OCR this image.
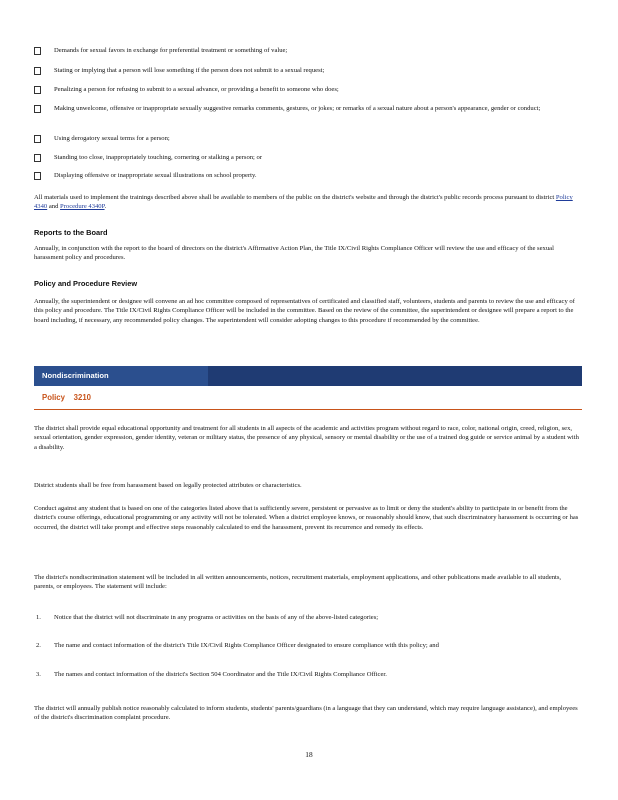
Demands for sexual favors in exchange for preferential treatment or something of value;
Stating or implying that a person will lose something if the person does not submit to a sexual request;
Penalizing a person for refusing to submit to a sexual advance, or providing a benefit to someone who does;
Making unwelcome, offensive or inappropriate sexually suggestive remarks comments, gestures, or jokes; or remarks of a sexual nature about a person's appearance, gender or conduct;
Using derogatory sexual terms for a person;
Standing too close, inappropriately touching, cornering or stalking a person; or
Displaying offensive or inappropriate sexual illustrations on school property.
All materials used to implement the trainings described above shall be available to members of the public on the district's website and through the district's public records process pursuant to district Policy 4340 and Procedure 4340P.
Reports to the Board
Annually, in conjunction with the report to the board of directors on the district's Affirmative Action Plan, the Title IX/Civil Rights Compliance Officer will review the use and efficacy of the sexual harassment policy and procedures.
Policy and Procedure Review
Annually, the superintendent or designee will convene an ad hoc committee composed of representatives of certificated and classified staff, volunteers, students and parents to review the use and efficacy of this policy and procedure. The Title IX/Civil Rights Compliance Officer will be included in the committee. Based on the review of the committee, the superintendent or designee will prepare a report to the board including, if necessary, any recommended policy changes. The superintendent will consider adopting changes to this procedure if recommended by the committee.
Nondiscrimination
Policy 3210
The district shall provide equal educational opportunity and treatment for all students in all aspects of the academic and activities program without regard to race, color, national origin, creed, religion, sex, sexual orientation, gender expression, gender identity, veteran or military status, the presence of any physical, sensory or mental disability or the use of a trained dog guide or service animal by a student with a disability.
District students shall be free from harassment based on legally protected attributes or characteristics.
Conduct against any student that is based on one of the categories listed above that is sufficiently severe, persistent or pervasive as to limit or deny the student's ability to participate in or benefit from the district's course offerings, educational programming or any activity will not be tolerated. When a district employee knows, or reasonably should know, that such discriminatory harassment is occurring or has occurred, the district will take prompt and effective steps reasonably calculated to end the harassment, prevent its recurrence and remedy its effects.
The district's nondiscrimination statement will be included in all written announcements, notices, recruitment materials, employment applications, and other publications made available to all students, parents, or employees. The statement will include:
1. Notice that the district will not discriminate in any programs or activities on the basis of any of the above-listed categories;
2. The name and contact information of the district's Title IX/Civil Rights Compliance Officer designated to ensure compliance with this policy; and
3. The names and contact information of the district's Section 504 Coordinator and the Title IX/Civil Rights Compliance Officer.
The district will annually publish notice reasonably calculated to inform students, students' parents/guardians (in a language that they can understand, which may require language assistance), and employees of the district's discrimination complaint procedure.
18
